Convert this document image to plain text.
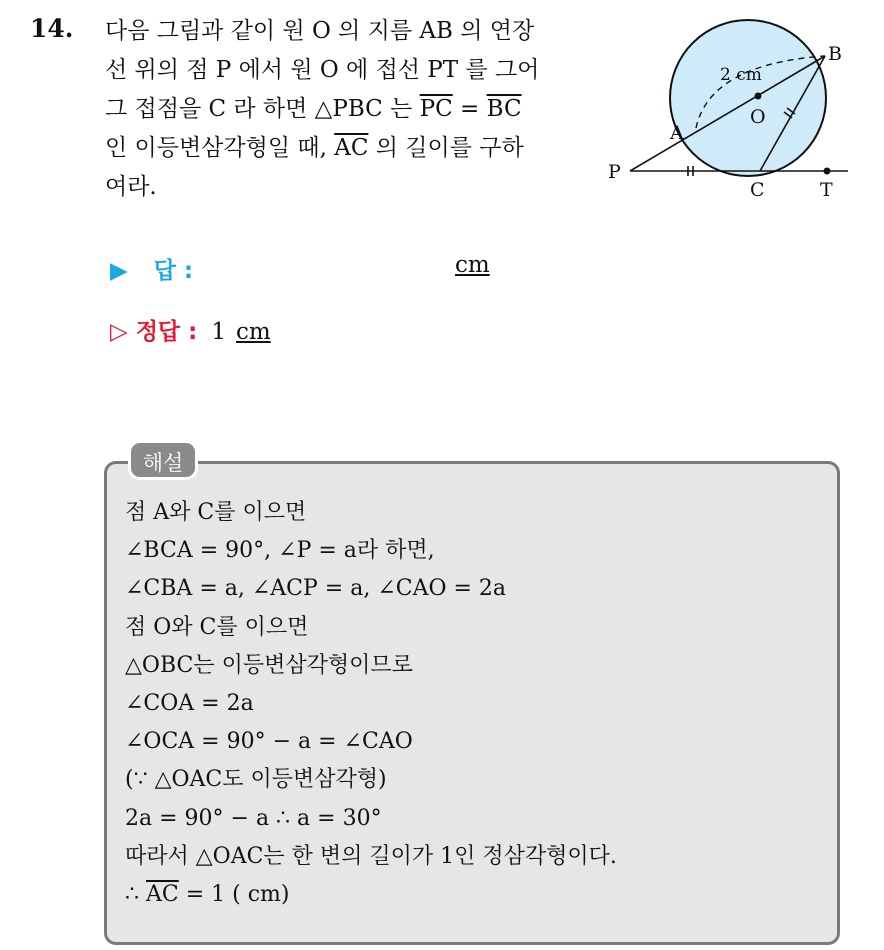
14. 다음 그림과 같이 원 O 의 지름 AB 의 연장
선 위의 점 P 에서 원 O 에 접선 PT 를 그어
그 접점을 C 라 하면 △PBC 는 $\overline{PC} = \overline{BC}$
인 이등변삼각형일 때, $\overline{AC}$ 의 길이를 구하
여라.
P
A
B
C
O
T
2 cm
▶ 답 :	cm
▷ 정답 : 1 cm
해설
점 A와 C를 이으면
∠BCA = 90°, ∠P = a라 하면,
∠CBA = a, ∠ACP = a, ∠CAO = 2a
점 O와 C를 이으면
△OBC는 이등변삼각형이므로
∠COA = 2a
∠OCA = 90° − a = ∠CAO
(∵ △OAC도 이등변삼각형)
2a = 90° − a ∴ a = 30°
따라서 △OAC는 한 변의 길이가 1인 정삼각형이다.
∴ $\overline{AC} = 1$ ( cm)
